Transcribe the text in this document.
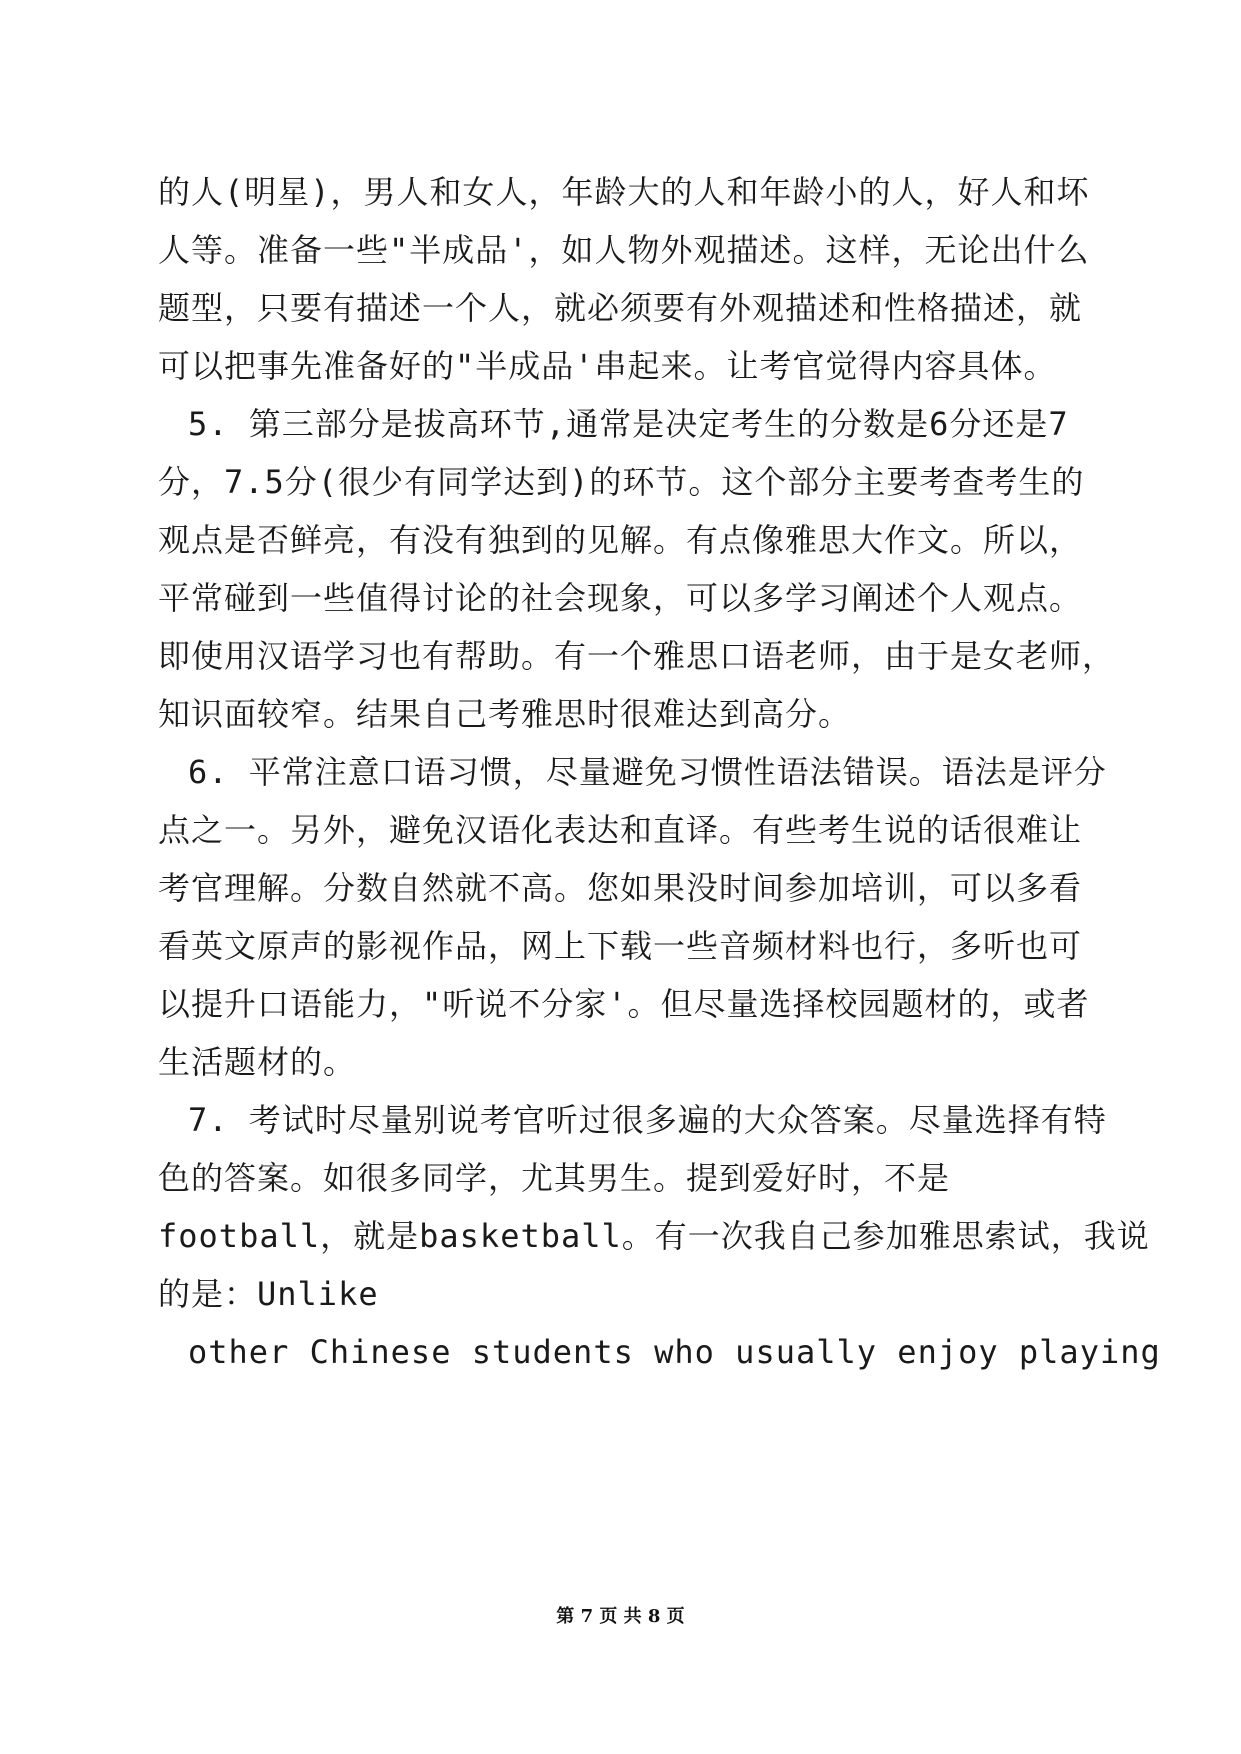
的人(明星)，男人和女人，年龄大的人和年龄小的人，好人和坏
人等。准备一些"半成品'，如人物外观描述。这样，无论出什么
题型，只要有描述一个人，就必须要有外观描述和性格描述，就
可以把事先准备好的"半成品'串起来。让考官觉得内容具体。
5. 第三部分是拔高环节,通常是决定考生的分数是6分还是7
分，7.5分(很少有同学达到)的环节。这个部分主要考查考生的
观点是否鲜亮，有没有独到的见解。有点像雅思大作文。所以，
平常碰到一些值得讨论的社会现象，可以多学习阐述个人观点。
即使用汉语学习也有帮助。有一个雅思口语老师，由于是女老师，
知识面较窄。结果自己考雅思时很难达到高分。
6. 平常注意口语习惯，尽量避免习惯性语法错误。语法是评分
点之一。另外，避免汉语化表达和直译。有些考生说的话很难让
考官理解。分数自然就不高。您如果没时间参加培训，可以多看
看英文原声的影视作品，网上下载一些音频材料也行，多听也可
以提升口语能力，"听说不分家'。但尽量选择校园题材的，或者
生活题材的。
7. 考试时尽量别说考官听过很多遍的大众答案。尽量选择有特
色的答案。如很多同学，尤其男生。提到爱好时，不是
football，就是basketball。有一次我自己参加雅思索试，我说
的是：Unlike
other Chinese students who usually enjoy playing
第 7 页 共 8 页
